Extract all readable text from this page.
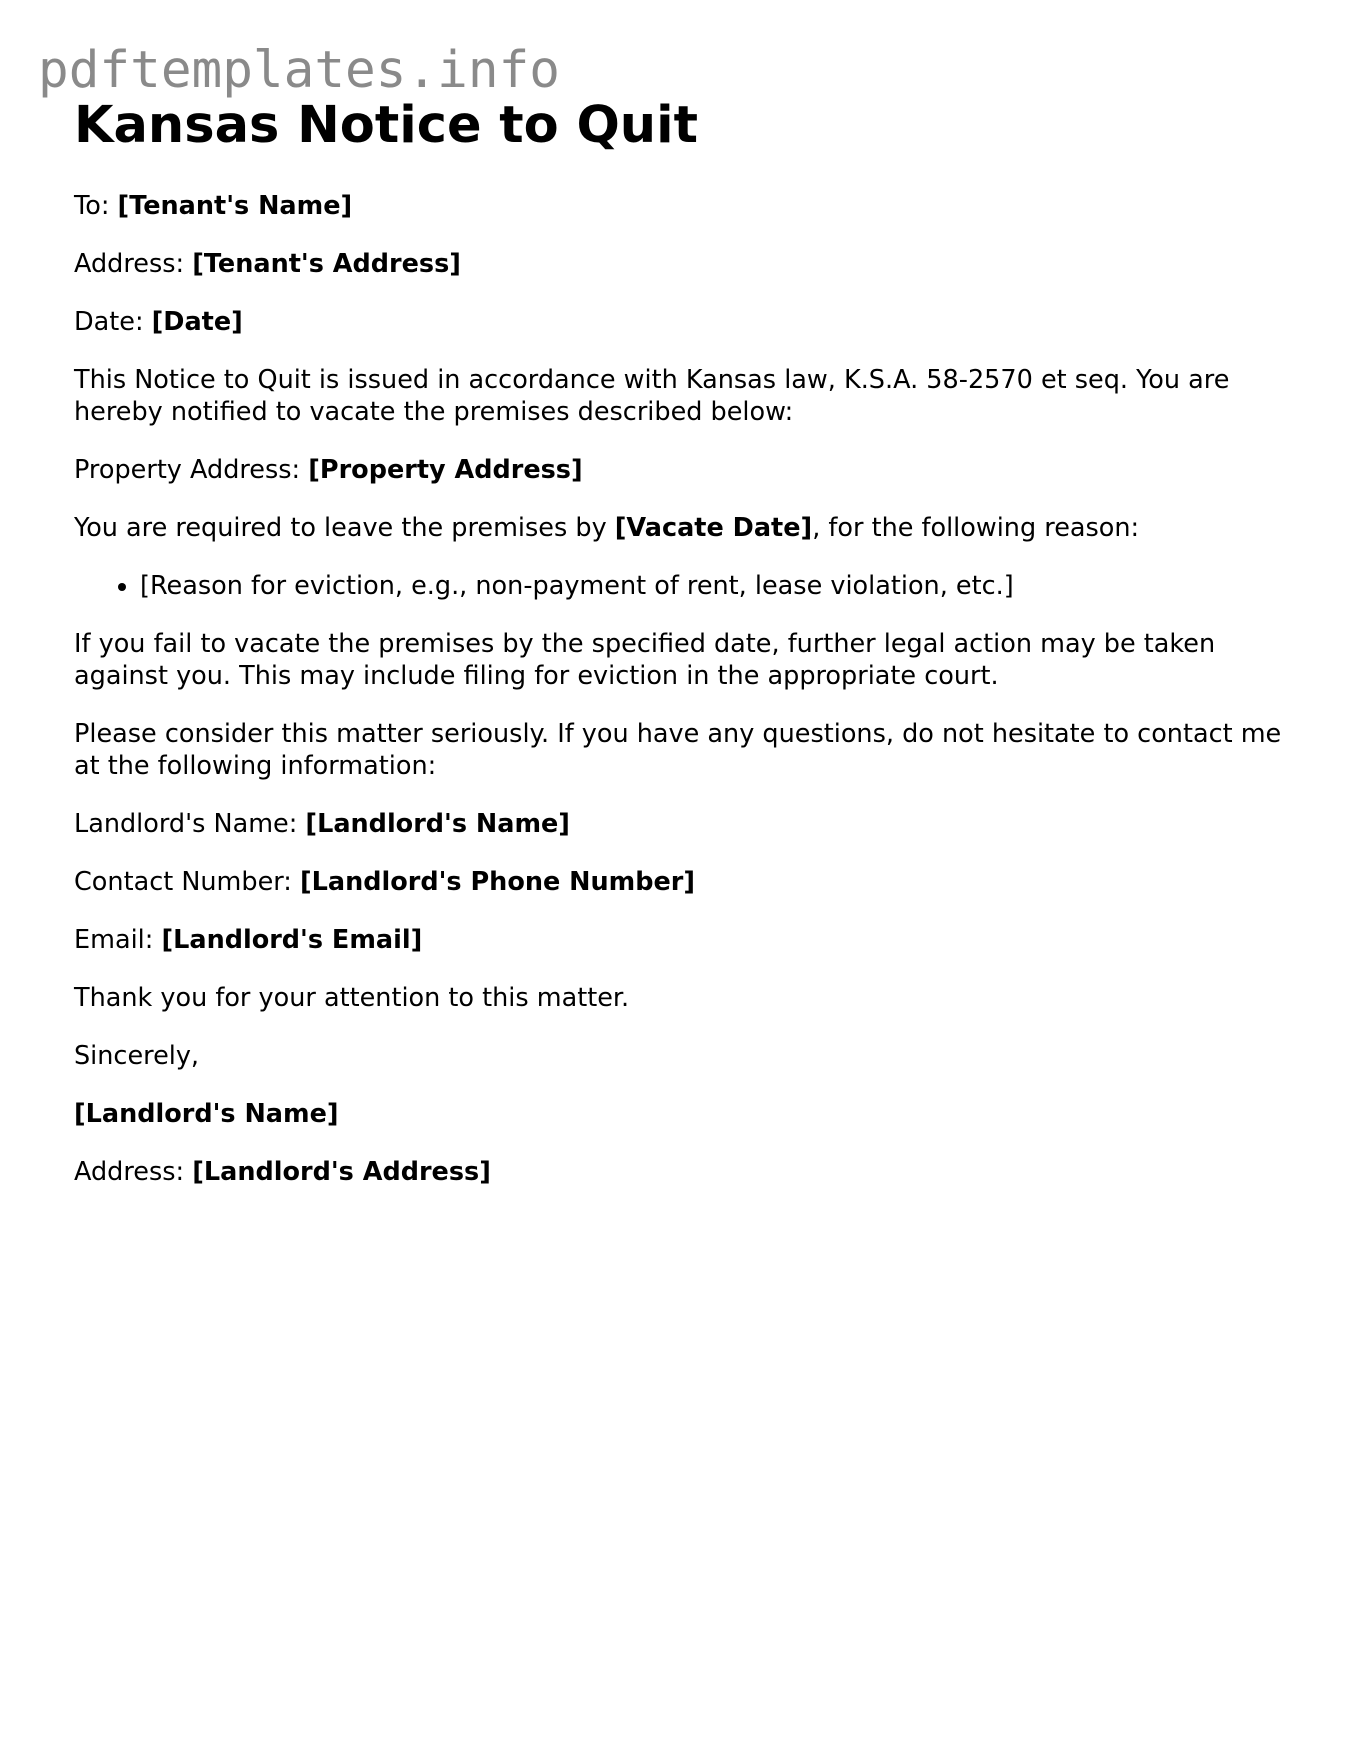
pdftemplates.info
Kansas Notice to Quit

To: [Tenant's Name]

Address: [Tenant's Address]

Date: [Date]

This Notice to Quit is issued in accordance with Kansas law, K.S.A. 58-2570 et seq. You are hereby notified to vacate the premises described below:

Property Address: [Property Address]

You are required to leave the premises by [Vacate Date], for the following reason:

• [Reason for eviction, e.g., non-payment of rent, lease violation, etc.]

If you fail to vacate the premises by the specified date, further legal action may be taken against you. This may include filing for eviction in the appropriate court.

Please consider this matter seriously. If you have any questions, do not hesitate to contact me at the following information:

Landlord's Name: [Landlord's Name]

Contact Number: [Landlord's Phone Number]

Email: [Landlord's Email]

Thank you for your attention to this matter.

Sincerely,

[Landlord's Name]

Address: [Landlord's Address]
